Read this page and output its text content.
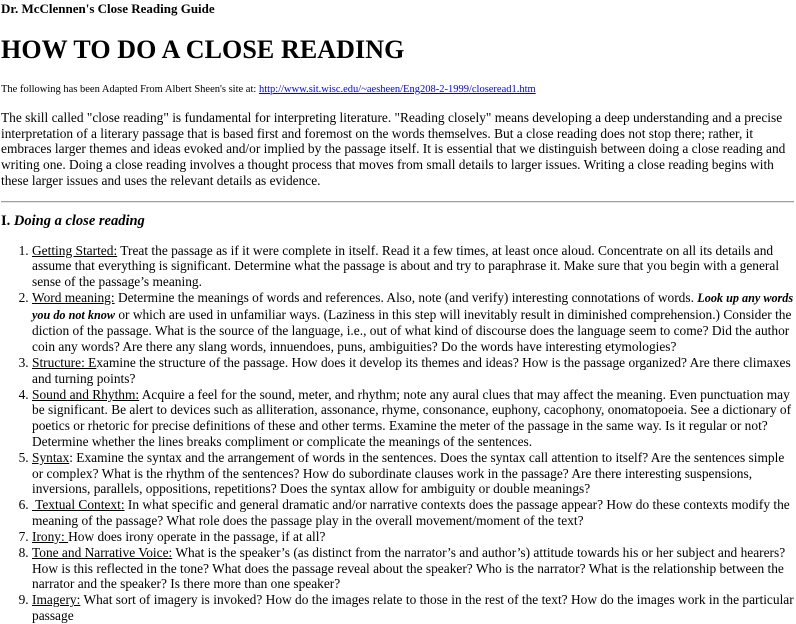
Dr. McClennen's Close Reading Guide

HOW TO DO A CLOSE READING

The following has been Adapted From Albert Sheen's site at: http://www.sit.wisc.edu/~aesheen/Eng208-2-1999/closeread1.htm

The skill called "close reading" is fundamental for interpreting literature. "Reading closely" means developing a deep understanding and a precise interpretation of a literary passage that is based first and foremost on the words themselves. But a close reading does not stop there; rather, it embraces larger themes and ideas evoked and/or implied by the passage itself. It is essential that we distinguish between doing a close reading and writing one. Doing a close reading involves a thought process that moves from small details to larger issues. Writing a close reading begins with these larger issues and uses the relevant details as evidence.

I. Doing a close reading
1. Getting Started: Treat the passage as if it were complete in itself. Read it a few times, at least once aloud. Concentrate on all its details and assume that everything is significant. Determine what the passage is about and try to paraphrase it. Make sure that you begin with a general sense of the passage’s meaning.
2. Word meaning: Determine the meanings of words and references. Also, note (and verify) interesting connotations of words. Look up any words you do not know or which are used in unfamiliar ways. (Laziness in this step will inevitably result in diminished comprehension.) Consider the diction of the passage. What is the source of the language, i.e., out of what kind of discourse does the language seem to come? Did the author coin any words? Are there any slang words, innuendoes, puns, ambiguities? Do the words have interesting etymologies?
3. Structure: Examine the structure of the passage. How does it develop its themes and ideas? How is the passage organized? Are there climaxes and turning points?
4. Sound and Rhythm: Acquire a feel for the sound, meter, and rhythm; note any aural clues that may affect the meaning. Even punctuation may be significant. Be alert to devices such as alliteration, assonance, rhyme, consonance, euphony, cacophony, onomatopoeia. See a dictionary of poetics or rhetoric for precise definitions of these and other terms. Examine the meter of the passage in the same way. Is it regular or not? Determine whether the lines breaks compliment or complicate the meanings of the sentences.
5. Syntax: Examine the syntax and the arrangement of words in the sentences. Does the syntax call attention to itself? Are the sentences simple or complex? What is the rhythm of the sentences? How do subordinate clauses work in the passage? Are there interesting suspensions, inversions, parallels, oppositions, repetitions? Does the syntax allow for ambiguity or double meanings?
6.  Textual Context: In what specific and general dramatic and/or narrative contexts does the passage appear? How do these contexts modify the meaning of the passage? What role does the passage play in the overall movement/moment of the text?
7. Irony: How does irony operate in the passage, if at all?
8. Tone and Narrative Voice: What is the speaker’s (as distinct from the narrator’s and author’s) attitude towards his or her subject and hearers? How is this reflected in the tone? What does the passage reveal about the speaker? Who is the narrator? What is the relationship between the narrator and the speaker? Is there more than one speaker?
9. Imagery: What sort of imagery is invoked? How do the images relate to those in the rest of the text? How do the images work in the particular passage
